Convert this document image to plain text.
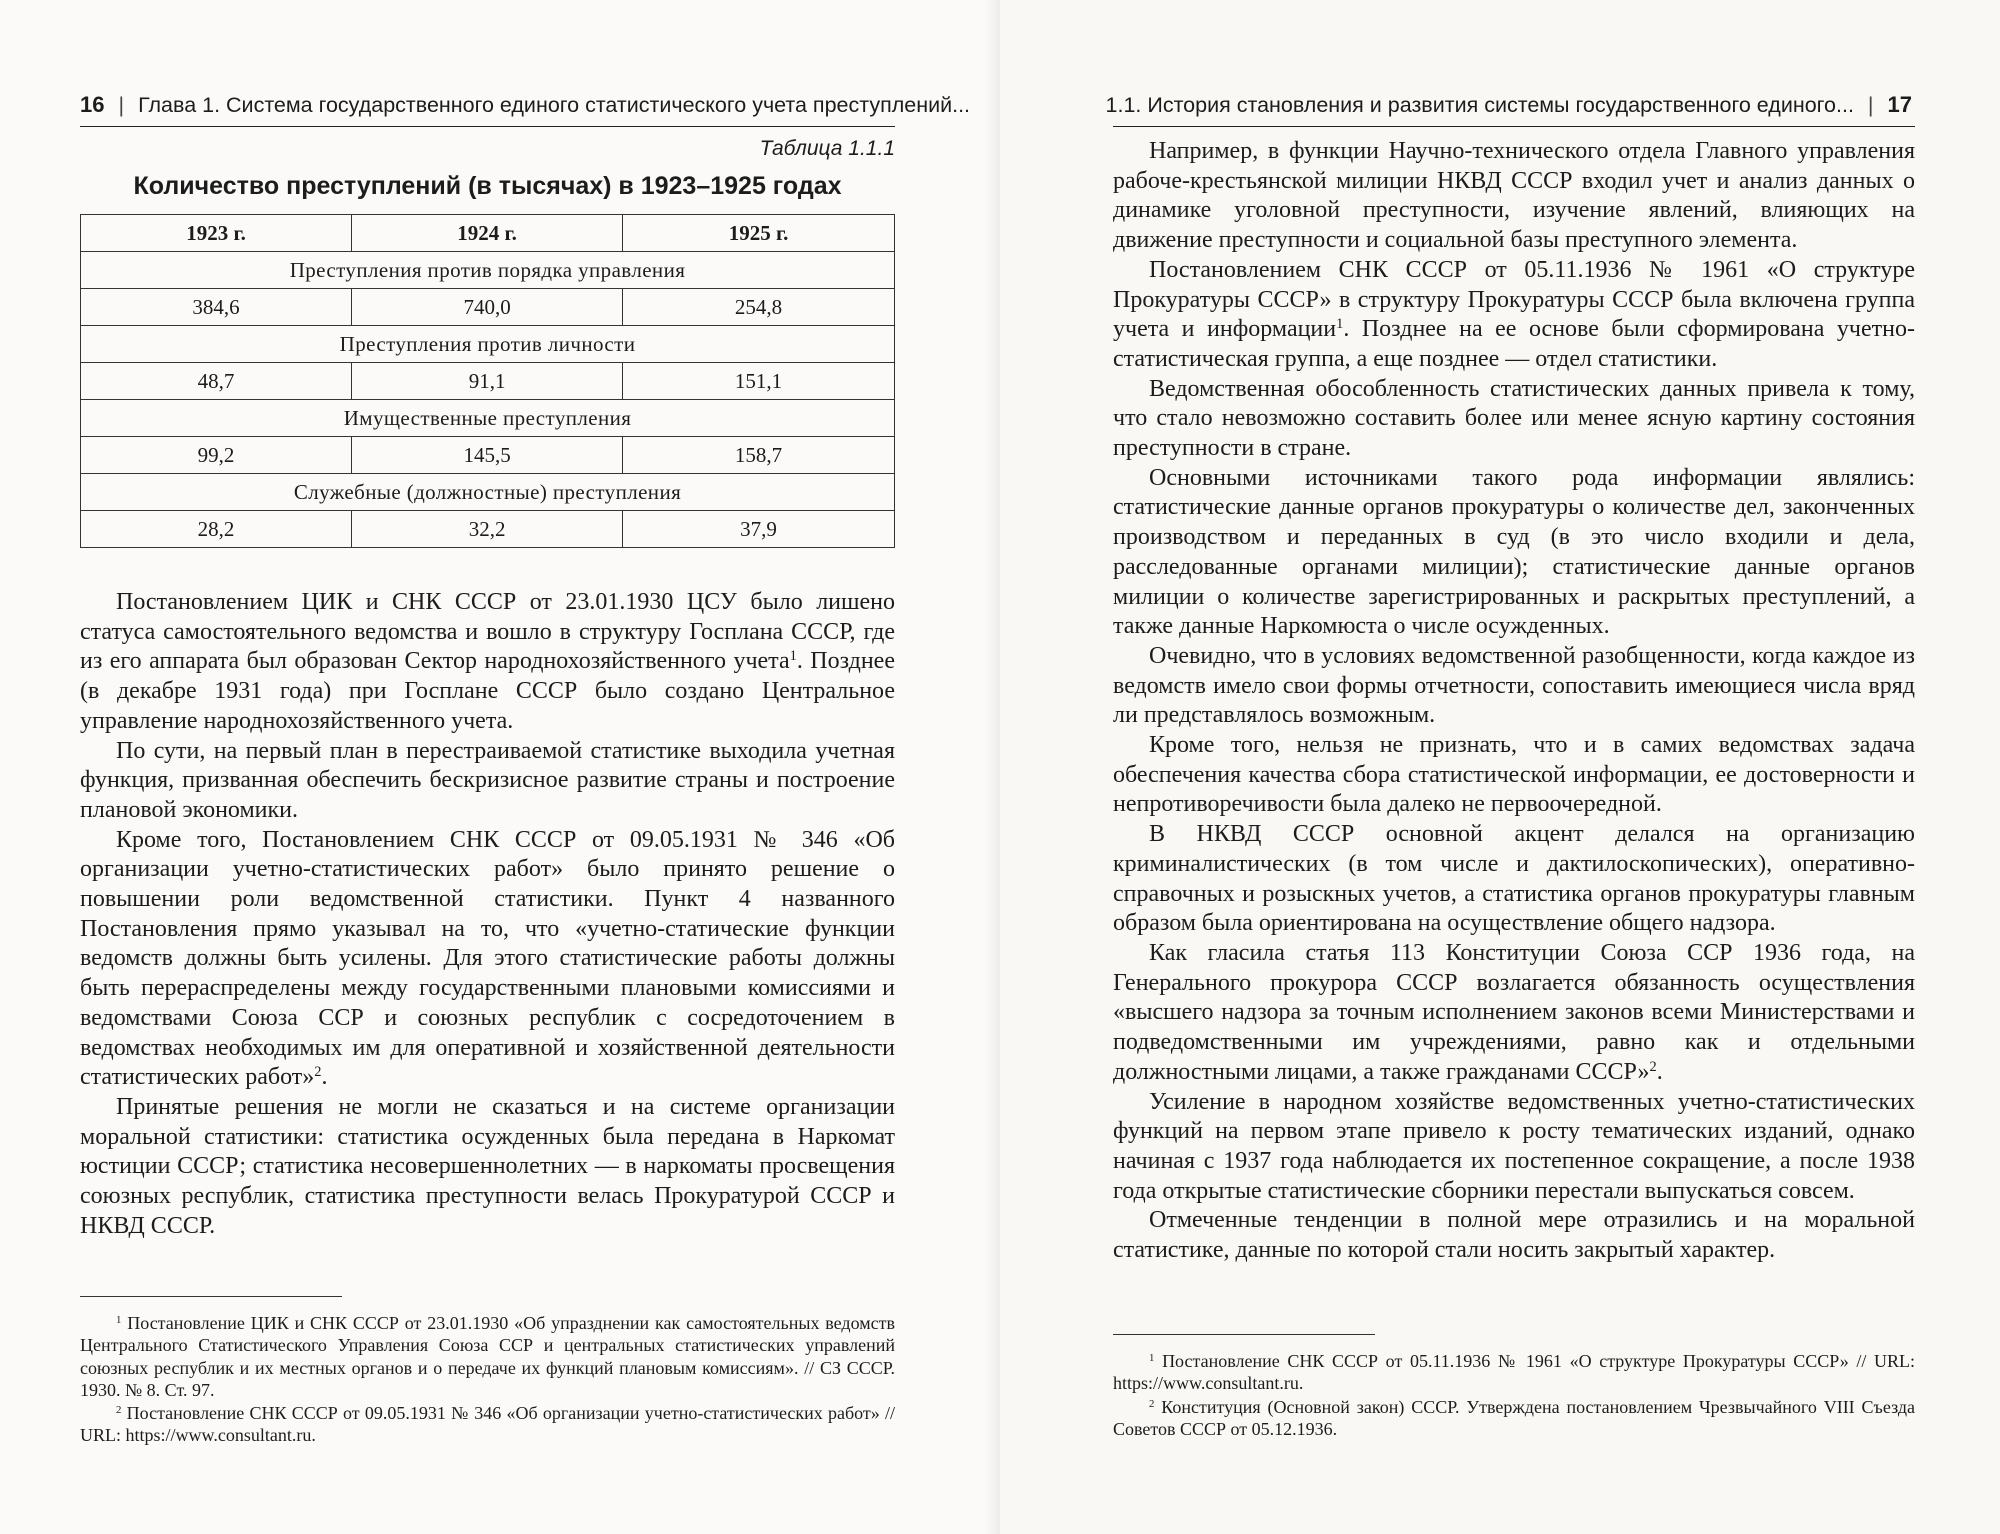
16 | Глава 1. Система государственного единого статистического учета преступлений...
Таблица 1.1.1
Количество преступлений (в тысячах) в 1923–1925 годах
1923 г.	1924 г.	1925 г.
Преступления против порядка управления		
384,6	740,0	254,8
Преступления против личности		
48,7	91,1	151,1
Имущественные преступления		
99,2	145,5	158,7
Служебные (должностные) преступления		
28,2	32,2	37,9

Постановлением ЦИК и СНК СССР от 23.01.1930 ЦСУ было лишено статуса самостоятельного ведомства и вошло в структуру Госплана СССР, где из его аппарата был образован Сектор народнохозяйственного учета$^1$. Позднее (в декабре 1931 года) при Госплане СССР было создано Центральное управление народнохозяйственного учета.

По сути, на первый план в перестраиваемой статистике выходила учетная функция, призванная обеспечить бескризисное развитие страны и построение плановой экономики.

Кроме того, Постановлением СНК СССР от 09.05.1931 № 346 «Об организации учетно-статистических работ» было принято решение о повышении роли ведомственной статистики. Пункт 4 названного Постановления прямо указывал на то, что «учетно-статические функции ведомств должны быть усилены. Для этого статистические работы должны быть перераспределены между государственными плановыми комиссиями и ведомствами Союза ССР и союзных республик с сосредоточением в ведомствах необходимых им для оперативной и хозяйственной деятельности статистических работ»$^2$.

Принятые решения не могли не сказаться и на системе организации моральной статистики: статистика осужденных была передана в Наркомат юстиции СССР; статистика несовершеннолетних — в наркоматы просвещения союзных республик, статистика преступности велась Прокуратурой СССР и НКВД СССР.

$^1$ Постановление ЦИК и СНК СССР от 23.01.1930 «Об упразднении как самостоятельных ведомств Центрального Статистического Управления Союза ССР и центральных статистических управлений союзных республик и их местных органов и о передаче их функций плановым комиссиям». // СЗ СССР. 1930. № 8. Ст. 97.

$^2$ Постановление СНК СССР от 09.05.1931 № 346 «Об организации учетно-статистических работ» // URL: https://www.consultant.ru.

1.1. История становления и развития системы государственного единого... | 17

Например, в функции Научно-технического отдела Главного управления рабоче-крестьянской милиции НКВД СССР входил учет и анализ данных о динамике уголовной преступности, изучение явлений, влияющих на движение преступности и социальной базы преступного элемента.

Постановлением СНК СССР от 05.11.1936 № 1961 «О структуре Прокуратуры СССР» в структуру Прокуратуры СССР была включена группа учета и информации$^1$. Позднее на ее основе были сформирована учетно-статистическая группа, а еще позднее — отдел статистики.

Ведомственная обособленность статистических данных привела к тому, что стало невозможно составить более или менее ясную картину состояния преступности в стране.

Основными источниками такого рода информации являлись: статистические данные органов прокуратуры о количестве дел, законченных производством и переданных в суд (в это число входили и дела, расследованные органами милиции); статистические данные органов милиции о количестве зарегистрированных и раскрытых преступлений, а также данные Наркомюста о числе осужденных.

Очевидно, что в условиях ведомственной разобщенности, когда каждое из ведомств имело свои формы отчетности, сопоставить имеющиеся числа вряд ли представлялось возможным.

Кроме того, нельзя не признать, что и в самих ведомствах задача обеспечения качества сбора статистической информации, ее достоверности и непротиворечивости была далеко не первоочередной.

В НКВД СССР основной акцент делался на организацию криминалистических (в том числе и дактилоскопических), оперативно-справочных и розыскных учетов, а статистика органов прокуратуры главным образом была ориентирована на осуществление общего надзора.

Как гласила статья 113 Конституции Союза ССР 1936 года, на Генерального прокурора СССР возлагается обязанность осуществления «высшего надзора за точным исполнением законов всеми Министерствами и подведомственными им учреждениями, равно как и отдельными должностными лицами, а также гражданами СССР»$^2$.

Усиление в народном хозяйстве ведомственных учетно-статистических функций на первом этапе привело к росту тематических изданий, однако начиная с 1937 года наблюдается их постепенное сокращение, а после 1938 года открытые статистические сборники перестали выпускаться совсем.

Отмеченные тенденции в полной мере отразились и на моральной статистике, данные по которой стали носить закрытый характер.

$^1$ Постановление СНК СССР от 05.11.1936 № 1961 «О структуре Прокуратуры СССР» // URL: https://www.consultant.ru.

$^2$ Конституция (Основной закон) СССР. Утверждена постановлением Чрезвычайного VIII Съезда Советов СССР от 05.12.1936.
